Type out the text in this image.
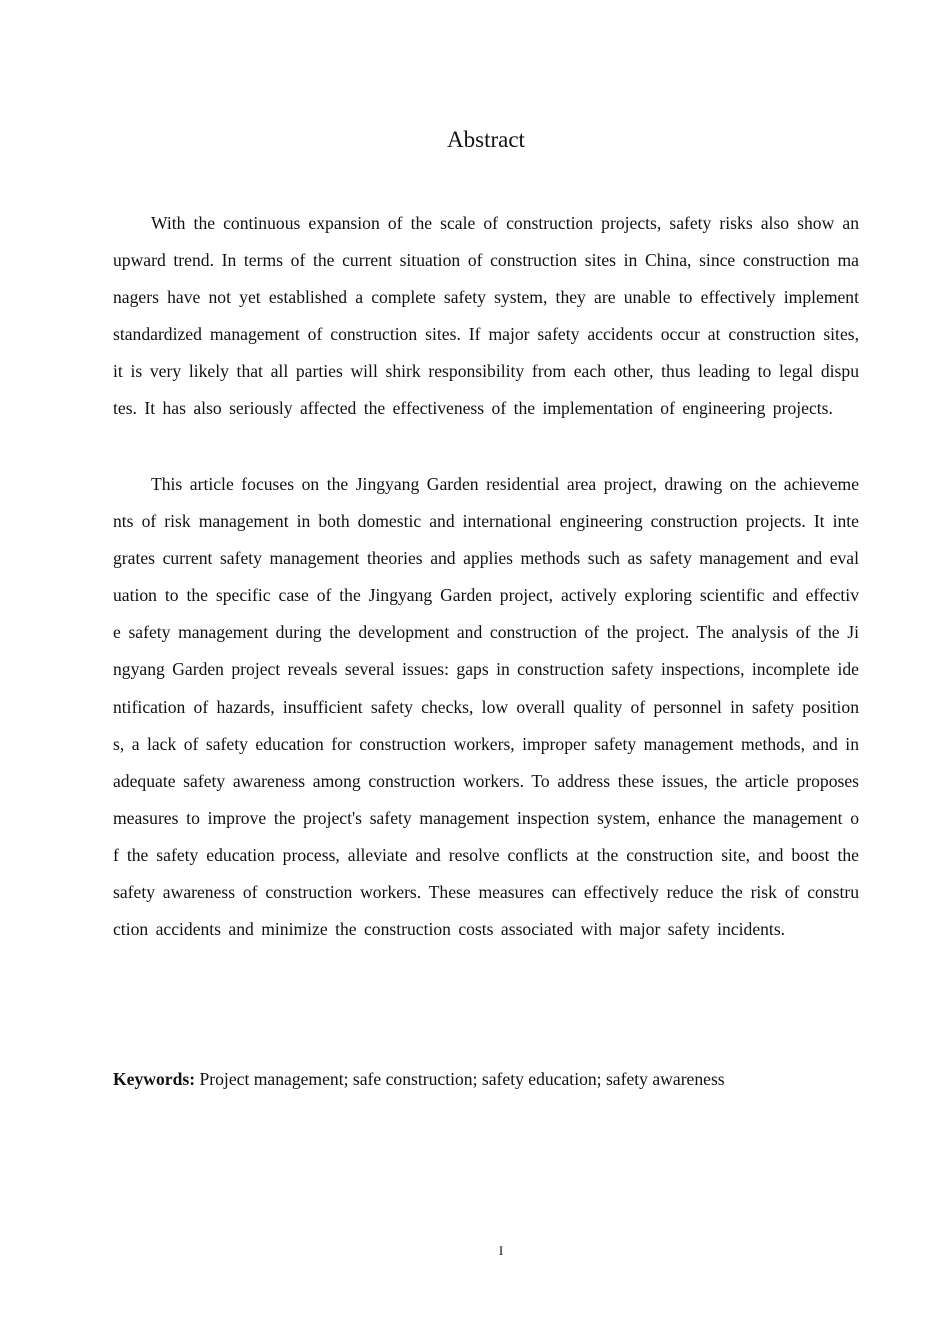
Abstract

With the continuous expansion of the scale of construction projects, safety risks also show an upward trend. In terms of the current situation of construction sites in China, since construction managers have not yet established a complete safety system, they are unable to effectively implement standardized management of construction sites. If major safety accidents occur at construction sites, it is very likely that all parties will shirk responsibility from each other, thus leading to legal disputes. It has also seriously affected the effectiveness of the implementation of engineering projects.

This article focuses on the Jingyang Garden residential area project, drawing on the achievements of risk management in both domestic and international engineering construction projects. It integrates current safety management theories and applies methods such as safety management and evaluation to the specific case of the Jingyang Garden project, actively exploring scientific and effective safety management during the development and construction of the project. The analysis of the Jingyang Garden project reveals several issues: gaps in construction safety inspections, incomplete identification of hazards, insufficient safety checks, low overall quality of personnel in safety positions, a lack of safety education for construction workers, improper safety management methods, and inadequate safety awareness among construction workers. To address these issues, the article proposes measures to improve the project's safety management inspection system, enhance the management of the safety education process, alleviate and resolve conflicts at the construction site, and boost the safety awareness of construction workers. These measures can effectively reduce the risk of construction accidents and minimize the construction costs associated with major safety incidents.

Keywords: Project management; safe construction; safety education; safety awareness
I
